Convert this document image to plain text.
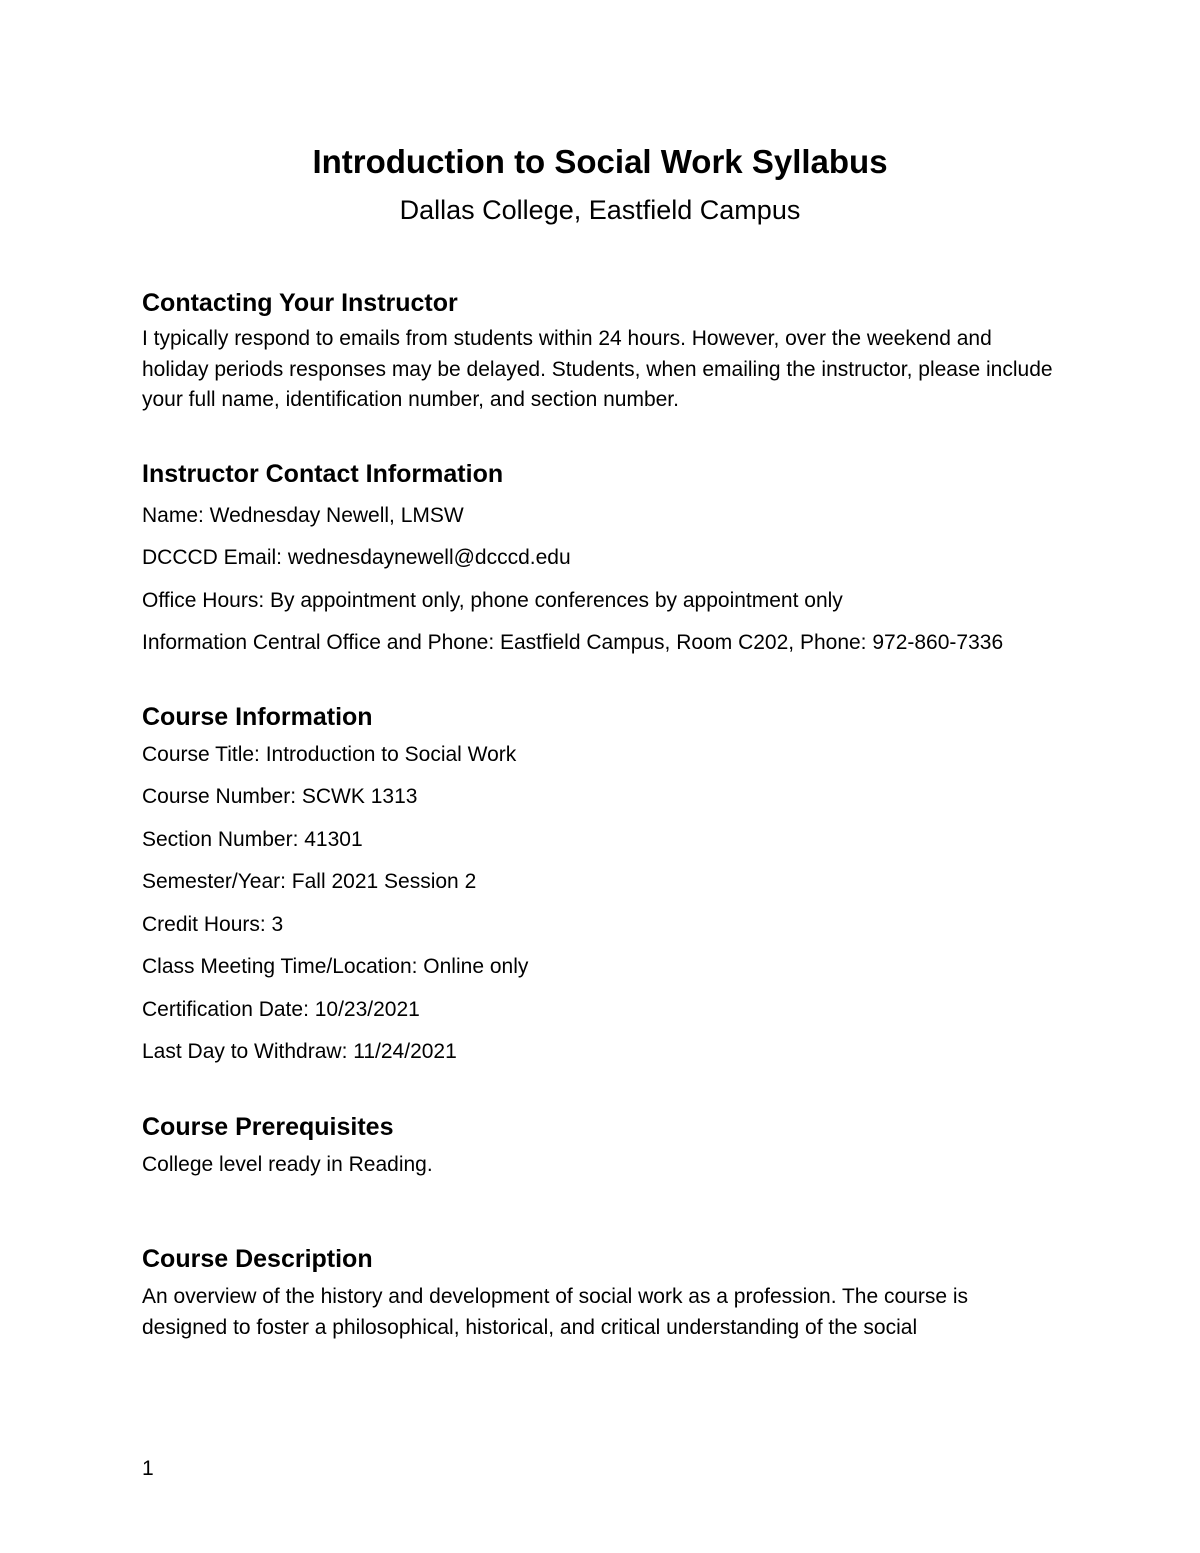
Introduction to Social Work Syllabus
Dallas College, Eastfield Campus
Contacting Your Instructor

I typically respond to emails from students within 24 hours. However, over the weekend and holiday periods responses may be delayed. Students, when emailing the instructor, please include your full name, identification number, and section number.

Instructor Contact Information

Name: Wednesday Newell, LMSW

DCCCD Email: wednesdaynewell@dcccd.edu

Office Hours: By appointment only, phone conferences by appointment only

Information Central Office and Phone: Eastfield Campus, Room C202, Phone: 972-860-7336

Course Information

Course Title: Introduction to Social Work

Course Number: SCWK 1313

Section Number: 41301

Semester/Year: Fall 2021 Session 2

Credit Hours: 3

Class Meeting Time/Location: Online only

Certification Date: 10/23/2021

Last Day to Withdraw: 11/24/2021

Course Prerequisites

College level ready in Reading.

Course Description

An overview of the history and development of social work as a profession. The course is designed to foster a philosophical, historical, and critical understanding of the social

1
